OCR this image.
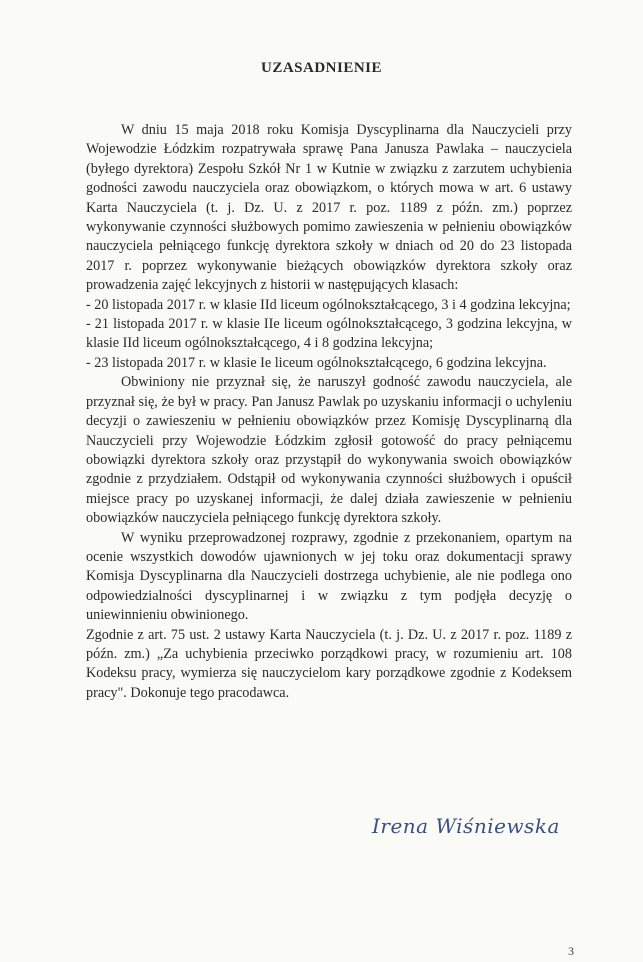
UZASADNIENIE

W dniu 15 maja 2018 roku Komisja Dyscyplinarna dla Nauczycieli przy Wojewodzie Łódzkim rozpatrywała sprawę Pana Janusza Pawlaka – nauczyciela (byłego dyrektora) Zespołu Szkół Nr 1 w Kutnie w związku z zarzutem uchybienia godności zawodu nauczyciela oraz obowiązkom, o których mowa w art. 6 ustawy Karta Nauczyciela (t. j. Dz. U. z 2017 r. poz. 1189 z późn. zm.) poprzez wykonywanie czynności służbowych pomimo zawieszenia w pełnieniu obowiązków nauczyciela pełniącego funkcję dyrektora szkoły w dniach od 20 do 23 listopada 2017 r. poprzez wykonywanie bieżących obowiązków dyrektora szkoły oraz prowadzenia zajęć lekcyjnych z historii w następujących klasach:

- 20 listopada 2017 r. w klasie IId liceum ogólnokształcącego, 3 i 4 godzina lekcyjna;

- 21 listopada 2017 r. w klasie IIe liceum ogólnokształcącego, 3 godzina lekcyjna, w klasie IId liceum ogólnokształcącego, 4 i 8 godzina lekcyjna;

- 23 listopada 2017 r. w klasie Ie liceum ogólnokształcącego, 6 godzina lekcyjna.

Obwiniony nie przyznał się, że naruszył godność zawodu nauczyciela, ale przyznał się, że był w pracy. Pan Janusz Pawlak po uzyskaniu informacji o uchyleniu decyzji o zawieszeniu w pełnieniu obowiązków przez Komisję Dyscyplinarną dla Nauczycieli przy Wojewodzie Łódzkim zgłosił gotowość do pracy pełniącemu obowiązki dyrektora szkoły oraz przystąpił do wykonywania swoich obowiązków zgodnie z przydziałem. Odstąpił od wykonywania czynności służbowych i opuścił miejsce pracy po uzyskanej informacji, że dalej działa zawieszenie w pełnieniu obowiązków nauczyciela pełniącego funkcję dyrektora szkoły.

W wyniku przeprowadzonej rozprawy, zgodnie z przekonaniem, opartym na ocenie wszystkich dowodów ujawnionych w jej toku oraz dokumentacji sprawy Komisja Dyscyplinarna dla Nauczycieli dostrzega uchybienie, ale nie podlega ono odpowiedzialności dyscyplinarnej i w związku z tym podjęła decyzję o uniewinnieniu obwinionego.

Zgodnie z art. 75 ust. 2 ustawy Karta Nauczyciela (t. j. Dz. U. z 2017 r. poz. 1189 z późn. zm.) „Za uchybienia przeciwko porządkowi pracy, w rozumieniu art. 108 Kodeksu pracy, wymierza się nauczycielom kary porządkowe zgodnie z Kodeksem pracy". Dokonuje tego pracodawca.

Irena Wiśniewska
3
